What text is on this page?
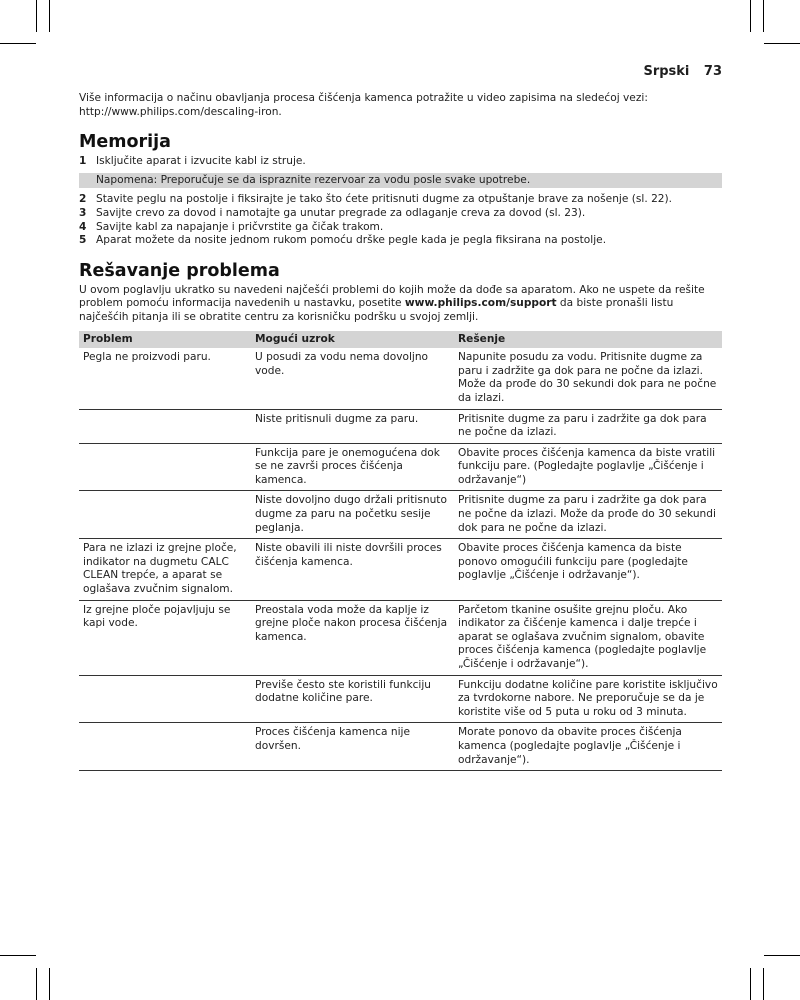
Srpski 73

Više informacija o načinu obavljanja procesa čišćenja kamenca potražite u video zapisima na sledećoj vezi: http://www.philips.com/descaling-iron.

Memorija
1 Isključite aparat i izvucite kabl iz struje.
Napomena: Preporučuje se da ispraznite rezervoar za vodu posle svake upotrebe.
2 Stavite peglu na postolje i fiksirajte je tako što ćete pritisnuti dugme za otpuštanje brave za nošenje (sl. 22).
3 Savijte crevo za dovod i namotajte ga unutar pregrade za odlaganje creva za dovod (sl. 23).
4 Savijte kabl za napajanje i pričvrstite ga čičak trakom.
5 Aparat možete da nosite jednom rukom pomoću drške pegle kada je pegla fiksirana na postolje.
Rešavanje problema

U ovom poglavlju ukratko su navedeni najčešći problemi do kojih može da dođe sa aparatom. Ako ne uspete da rešite problem pomoću informacija navedenih u nastavku, posetite www.philips.com/support da biste pronašli listu najčešćih pitanja ili se obratite centru za korisničku podršku u svojoj zemlji.

Problem	Mogući uzrok	Rešenje
Pegla ne proizvodi paru.	U posudi za vodu nema dovoljno vode.	Napunite posudu za vodu. Pritisnite dugme za paru i zadržite ga dok para ne počne da izlazi. Može da prođe do 30 sekundi dok para ne počne da izlazi.
	Niste pritisnuli dugme za paru.	Pritisnite dugme za paru i zadržite ga dok para ne počne da izlazi.
	Funkcija pare je onemogućena dok se ne završi proces čišćenja kamenca.	Obavite proces čišćenja kamenca da biste vratili funkciju pare. (Pogledajte poglavlje „Čišćenje i održavanje“)
	Niste dovoljno dugo držali pritisnuto dugme za paru na početku sesije peglanja.	Pritisnite dugme za paru i zadržite ga dok para ne počne da izlazi. Može da prođe do 30 sekundi dok para ne počne da izlazi.
Para ne izlazi iz grejne ploče, indikator na dugmetu CALC CLEAN trepće, a aparat se oglašava zvučnim signalom.	Niste obavili ili niste dovršili proces čišćenja kamenca.	Obavite proces čišćenja kamenca da biste ponovo omogućili funkciju pare (pogledajte poglavlje „Čišćenje i održavanje“).
Iz grejne ploče pojavljuju se kapi vode.	Preostala voda može da kaplje iz grejne ploče nakon procesa čišćenja kamenca.	Parčetom tkanine osušite grejnu ploču. Ako indikator za čišćenje kamenca i dalje trepće i aparat se oglašava zvučnim signalom, obavite proces čišćenja kamenca (pogledajte poglavlje „Čišćenje i održavanje“).
	Previše često ste koristili funkciju dodatne količine pare.	Funkciju dodatne količine pare koristite isključivo za tvrdokorne nabore. Ne preporučuje se da je koristite više od 5 puta u roku od 3 minuta.
	Proces čišćenja kamenca nije dovršen.	Morate ponovo da obavite proces čišćenja kamenca (pogledajte poglavlje „Čišćenje i održavanje“).
